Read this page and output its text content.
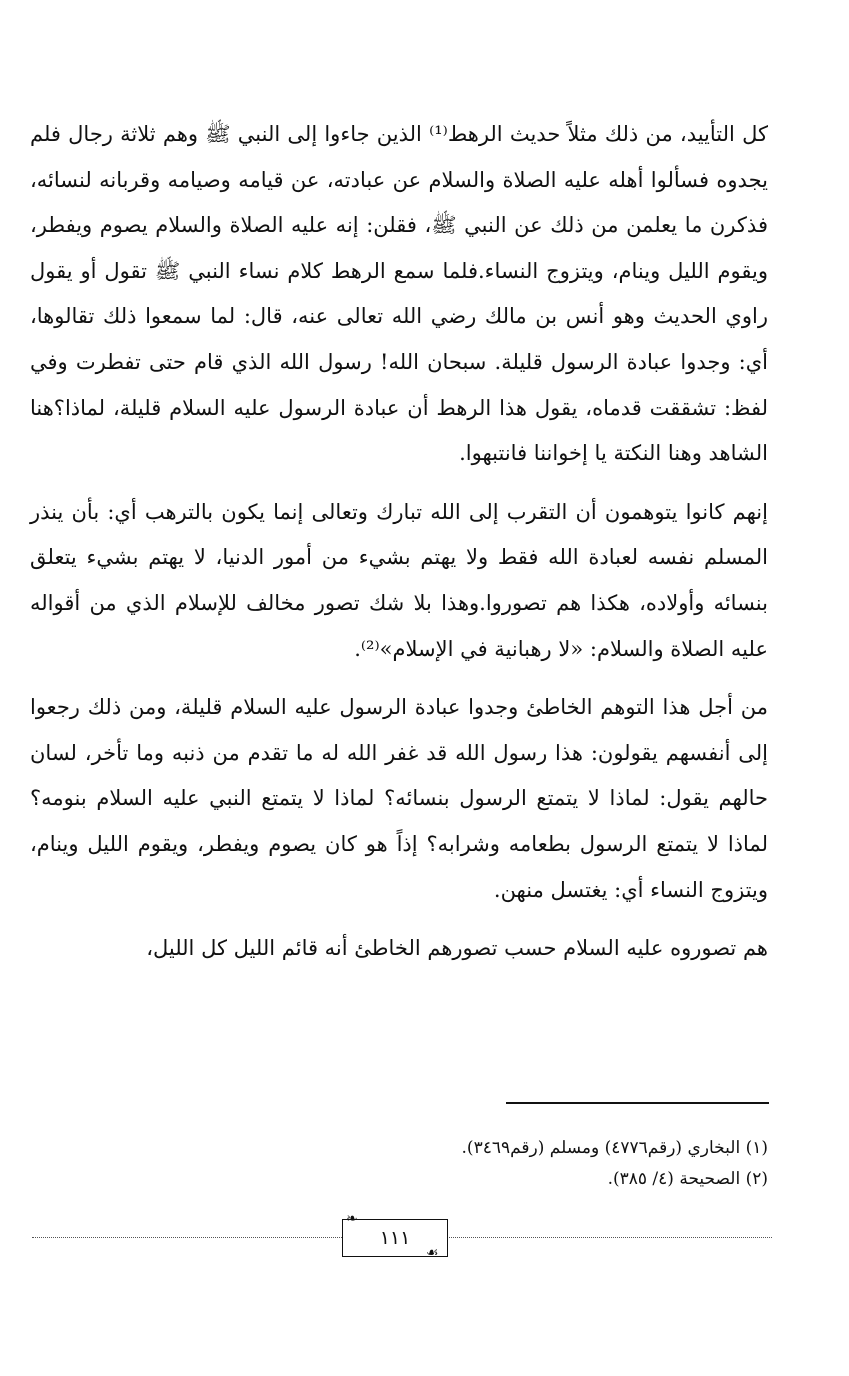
كل التأييد، من ذلك مثلاً حديث الرهط⁽¹⁾ الذين جاءوا إلى النبي ﷺ وهم ثلاثة رجال فلم يجدوه فسألوا أهله عليه الصلاة والسلام عن عبادته، عن قيامه وصيامه وقربانه لنسائه، فذكرن ما يعلمن من ذلك عن النبي ﷺ، فقلن: إنه عليه الصلاة والسلام يصوم ويفطر، ويقوم الليل وينام، ويتزوج النساء.فلما سمع الرهط كلام نساء النبي ﷺ تقول أو يقول راوي الحديث وهو أنس بن مالك رضي الله تعالى عنه، قال: لما سمعوا ذلك تقالوها، أي: وجدوا عبادة الرسول قليلة. سبحان الله! رسول الله الذي قام حتى تفطرت وفي لفظ: تشققت قدماه، يقول هذا الرهط أن عبادة الرسول عليه السلام قليلة، لماذا؟هنا الشاهد وهنا النكتة يا إخواننا فانتبهوا.

إنهم كانوا يتوهمون أن التقرب إلى الله تبارك وتعالى إنما يكون بالترهب أي: بأن ينذر المسلم نفسه لعبادة الله فقط ولا يهتم بشيء من أمور الدنيا، لا يهتم بشيء يتعلق بنسائه وأولاده، هكذا هم تصوروا.وهذا بلا شك تصور مخالف للإسلام الذي من أقواله عليه الصلاة والسلام: «لا رهبانية في الإسلام»⁽²⁾.

من أجل هذا التوهم الخاطئ وجدوا عبادة الرسول عليه السلام قليلة، ومن ذلك رجعوا إلى أنفسهم يقولون: هذا رسول الله قد غفر الله له ما تقدم من ذنبه وما تأخر، لسان حالهم يقول: لماذا لا يتمتع الرسول بنسائه؟ لماذا لا يتمتع النبي عليه السلام بنومه؟ لماذا لا يتمتع الرسول بطعامه وشرابه؟ إذاً هو كان يصوم ويفطر، ويقوم الليل وينام، ويتزوج النساء أي: يغتسل منهن.

هم تصوروه عليه السلام حسب تصورهم الخاطئ أنه قائم الليل كل الليل،

(١) البخاري (رقم٤٧٧٦) ومسلم (رقم٣٤٦٩).
(٢) الصحيحة (٤/ ٣٨٥).
١١١
❧
☙
